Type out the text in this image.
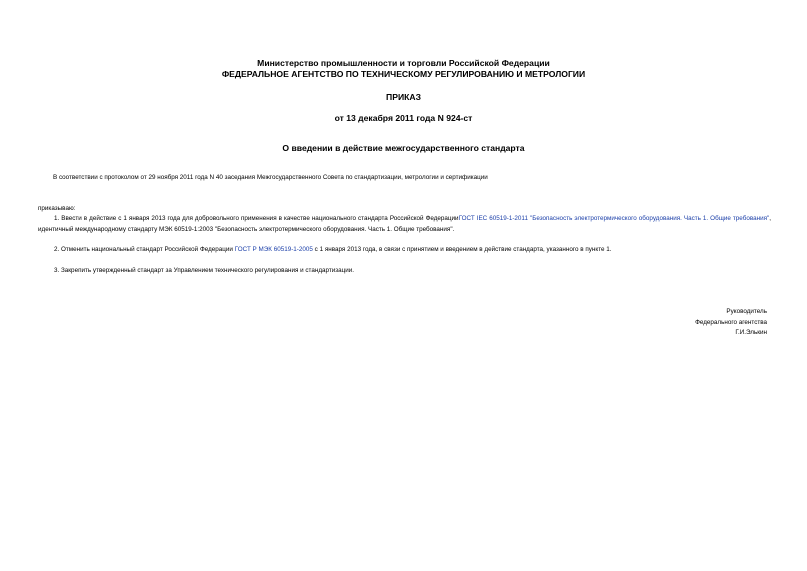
Министерство промышленности и торговли Российской Федерации
ФЕДЕРАЛЬНОЕ АГЕНТСТВО ПО ТЕХНИЧЕСКОМУ РЕГУЛИРОВАНИЮ И МЕТРОЛОГИИ
ПРИКАЗ
от 13 декабря 2011 года N 924-ст
О введении в действие межгосударственного стандарта
В соответствии с протоколом от 29 ноября 2011 года N 40 заседания Межгосударственного Совета по стандартизации, метрологии и сертификации
приказываю:
1. Ввести в действие с 1 января 2013 года для добровольного применения в качестве национального стандарта Российской ФедерацииГОСТ IEC 60519-1-2011 "Безопасность электротермического оборудования. Часть 1. Общие требования", идентичный международному стандарту МЭК 60519-1:2003 "Безопасность электротермического оборудования. Часть 1. Общие требования".
2. Отменить национальный стандарт Российской Федерации ГОСТ Р МЭК 60519-1-2005 с 1 января 2013 года, в связи с принятием и введением в действие стандарта, указанного в пункте 1.
3. Закрепить утвержденный стандарт за Управлением технического регулирования и стандартизации.
Руководитель
Федерального агентства
Г.И.Элькин
